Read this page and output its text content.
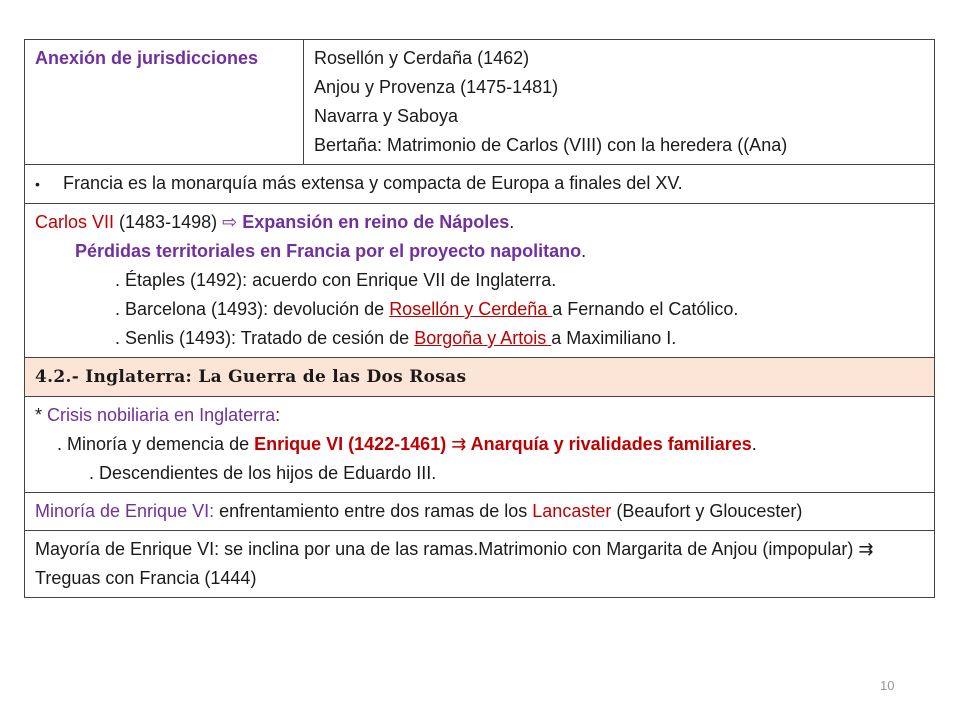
Anexión de jurisdicciones	Rosellón y Cerdaña (1462)
Anjou y Provenza (1475-1481)
Navarra y Saboya
Bertaña: Matrimonio de Carlos (VIII) con la heredera ((Ana)

• Francia es la monarquía más extensa y compacta de Europa a finales del XV.

Carlos VII (1483-1498) ⇨ Expansión en reino de Nápoles.
Pérdidas territoriales en Francia por el proyecto napolitano.
. Étaples (1492): acuerdo con Enrique VII de Inglaterra.
. Barcelona (1493): devolución de Rosellón y Cerdeña a Fernando el Católico.
. Senlis (1493): Tratado de cesión de Borgoña y Artois a Maximiliano I.

4.2.- Inglaterra: La Guerra de las Dos Rosas

* Crisis nobiliaria en Inglaterra:
. Minoría y demencia de Enrique VI (1422-1461) ⇉ Anarquía y rivalidades familiares.
. Descendientes de los hijos de Eduardo III.

Minoría de Enrique VI: enfrentamiento entre dos ramas de los Lancaster (Beaufort y Gloucester)

Mayoría de Enrique VI: se inclina por una de las ramas.Matrimonio con Margarita de Anjou (impopular) ⇉ Treguas con Francia (1444)
10
